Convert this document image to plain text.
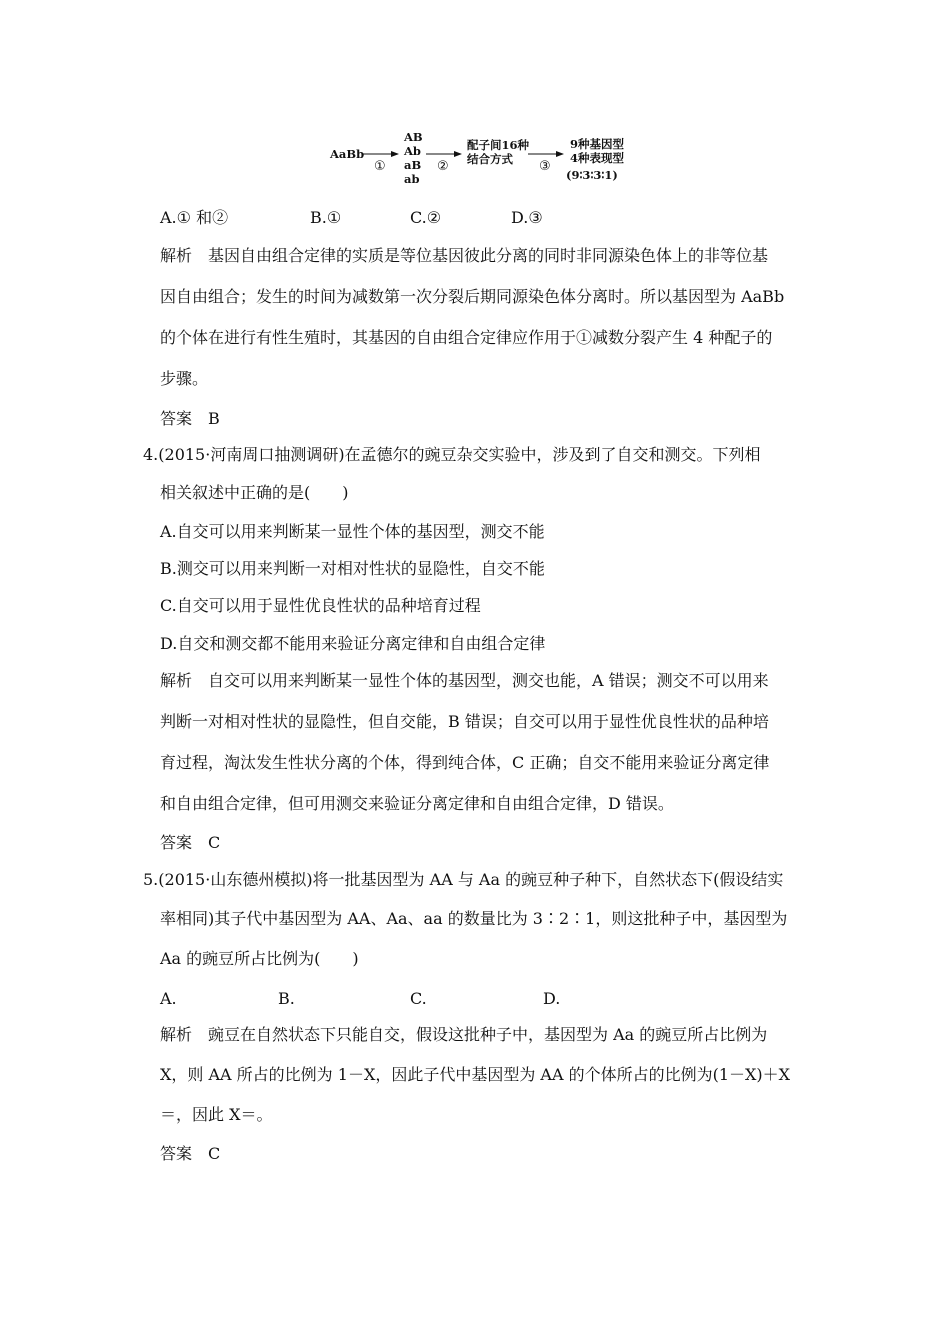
AaBb
①
AB
Ab
aB
ab
②
配子间16种
结合方式 ③
9种基因型
4种表现型
(9∶3∶3∶1)
A.① 和②	B.①	C.②	D.③
解析　基因自由组合定律的实质是等位基因彼此分离的同时非同源染色体上的非等位基
因自由组合；发生的时间为减数第一次分裂后期同源染色体分离时。所以基因型为 AaBb
的个体在进行有性生殖时，其基因的自由组合定律应作用于①减数分裂产生 4 种配子的
步骤。
答案　B
4.(2015·河南周口抽测调研)在孟德尔的豌豆杂交实验中，涉及到了自交和测交。下列相
相关叙述中正确的是(　　)
A.自交可以用来判断某一显性个体的基因型，测交不能
B.测交可以用来判断一对相对性状的显隐性，自交不能
C.自交可以用于显性优良性状的品种培育过程
D.自交和测交都不能用来验证分离定律和自由组合定律
解析　自交可以用来判断某一显性个体的基因型，测交也能，A 错误；测交不可以用来
判断一对相对性状的显隐性，但自交能，B 错误；自交可以用于显性优良性状的品种培
育过程，淘汰发生性状分离的个体，得到纯合体，C 正确；自交不能用来验证分离定律
和自由组合定律，但可用测交来验证分离定律和自由组合定律，D 错误。
答案　C
5.(2015·山东德州模拟)将一批基因型为 AA 与 Aa 的豌豆种子种下，自然状态下(假设结实
率相同)其子代中基因型为 AA、Aa、aa 的数量比为 3∶2∶1，则这批种子中，基因型为
Aa 的豌豆所占比例为(　　)
A.	B.	C.	D.
解析　豌豆在自然状态下只能自交，假设这批种子中，基因型为 Aa 的豌豆所占比例为
X，则 AA 所占的比例为 1－X，因此子代中基因型为 AA 的个体所占的比例为(1－X)＋X
＝，因此 X＝。
答案　C
